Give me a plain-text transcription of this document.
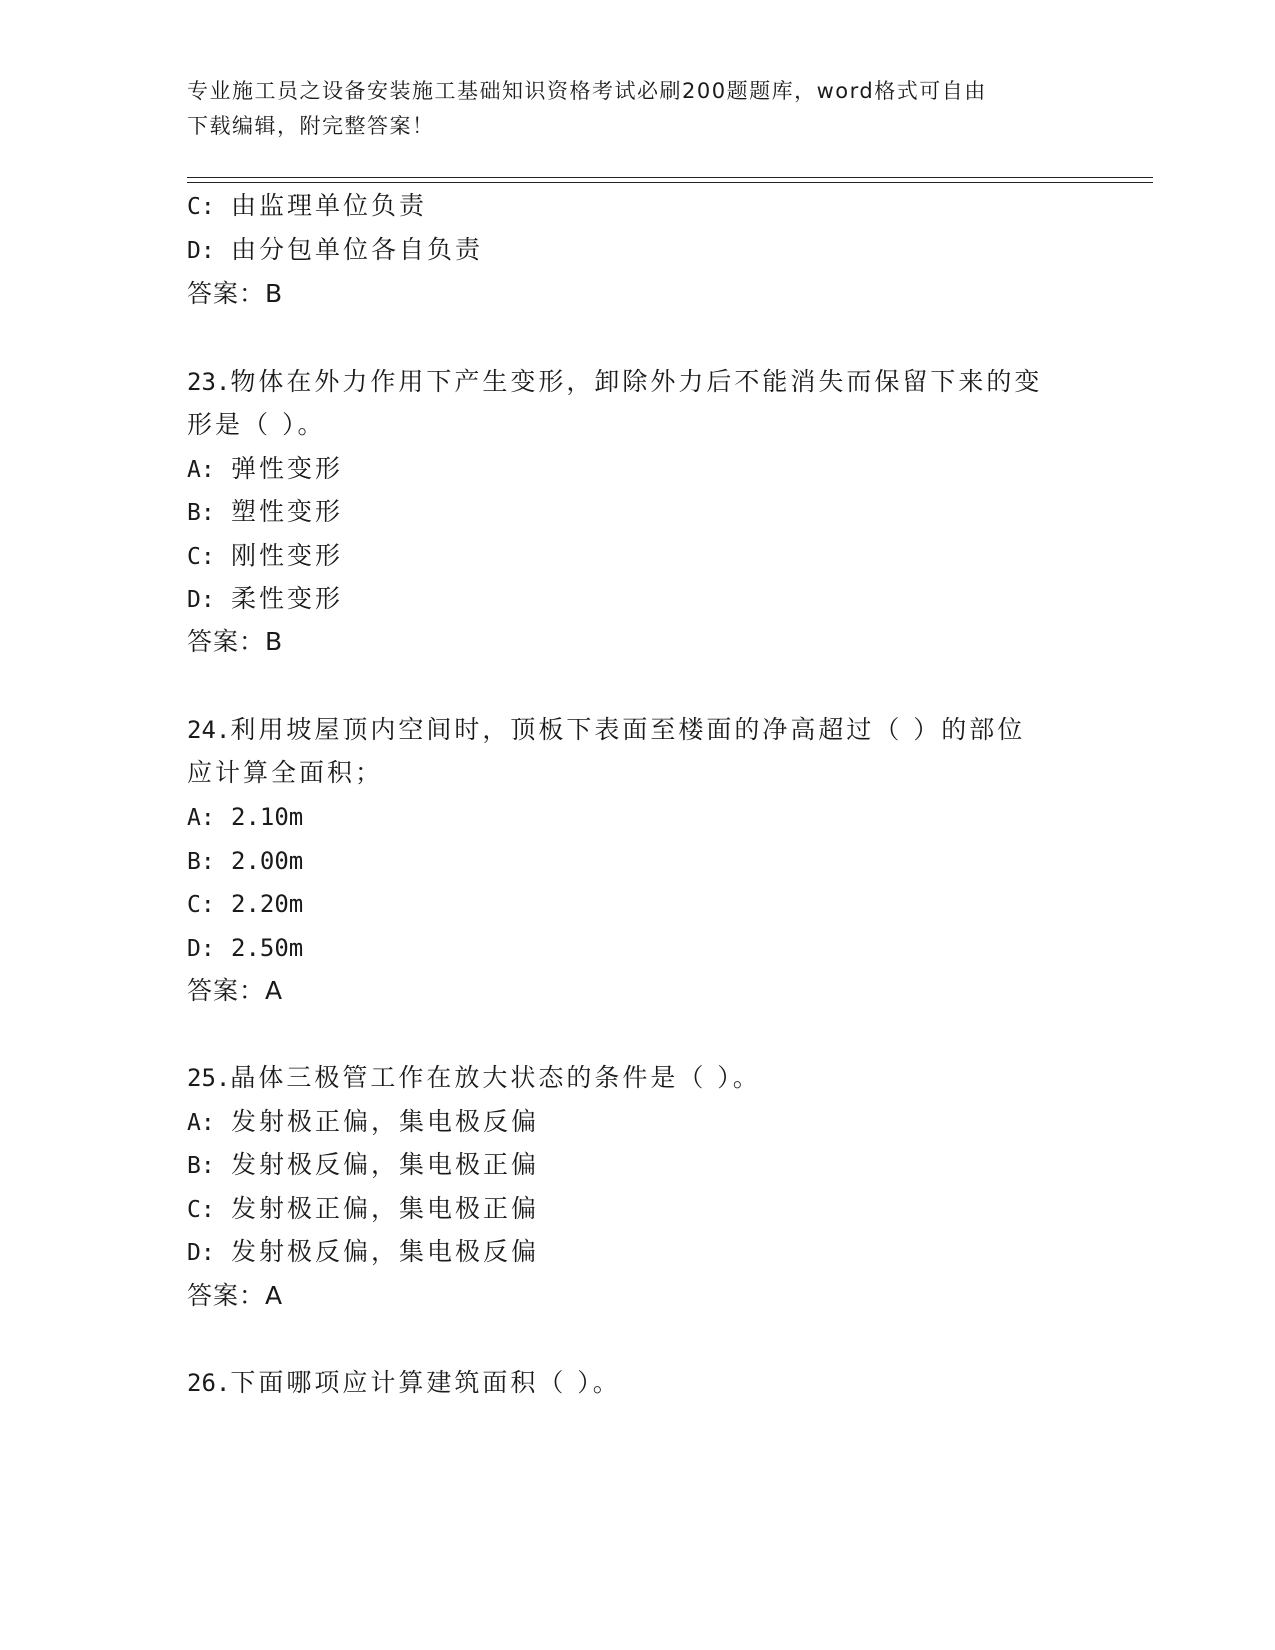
专业施工员之设备安装施工基础知识资格考试必刷200题题库，word格式可自由
下载编辑，附完整答案！
C: 由监理单位负责
D: 由分包单位各自负责
答案：B
23.物体在外力作用下产生变形，卸除外力后不能消失而保留下来的变
形是（ ）。
A: 弹性变形
B: 塑性变形
C: 刚性变形
D: 柔性变形
答案：B
24.利用坡屋顶内空间时，顶板下表面至楼面的净高超过（ ）的部位
应计算全面积；
A: 2.10m
B: 2.00m
C: 2.20m
D: 2.50m
答案：A
25.晶体三极管工作在放大状态的条件是（ ）。
A: 发射极正偏，集电极反偏
B: 发射极反偏，集电极正偏
C: 发射极正偏，集电极正偏
D: 发射极反偏，集电极反偏
答案：A
26.下面哪项应计算建筑面积（ ）。
